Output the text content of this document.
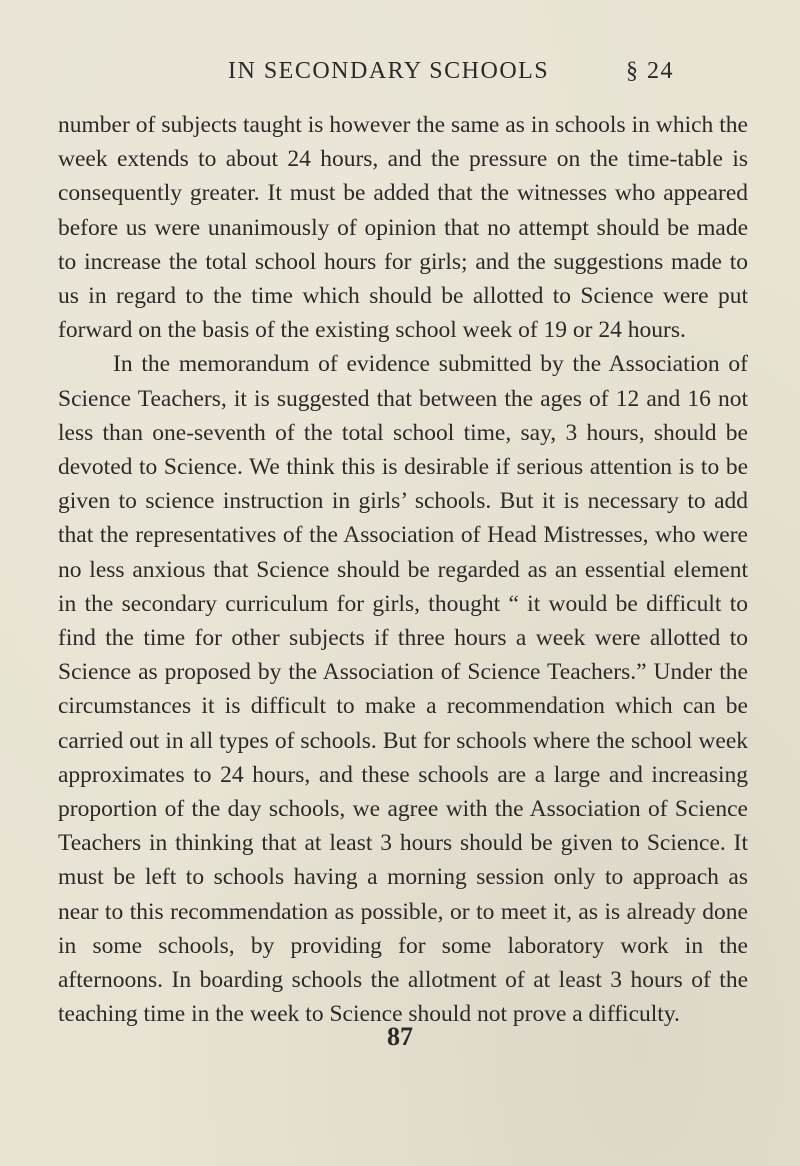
IN SECONDARY SCHOOLS	§ 24

number of subjects taught is however the same as in schools in which the week extends to about 24 hours, and the pressure on the time-table is consequently greater. It must be added that the witnesses who appeared before us were unanimously of opinion that no attempt should be made to increase the total school hours for girls; and the suggestions made to us in regard to the time which should be allotted to Science were put forward on the basis of the existing school week of 19 or 24 hours.

In the memorandum of evidence submitted by the Association of Science Teachers, it is suggested that between the ages of 12 and 16 not less than one-seventh of the total school time, say, 3 hours, should be devoted to Science. We think this is desirable if serious attention is to be given to science instruction in girls’ schools. But it is necessary to add that the representatives of the Association of Head Mistresses, who were no less anxious that Science should be regarded as an essential element in the secondary curriculum for girls, thought “ it would be difficult to find the time for other subjects if three hours a week were allotted to Science as proposed by the Association of Science Teachers.” Under the circumstances it is difficult to make a recommendation which can be carried out in all types of schools. But for schools where the school week approximates to 24 hours, and these schools are a large and increasing proportion of the day schools, we agree with the Association of Science Teachers in thinking that at least 3 hours should be given to Science. It must be left to schools having a morning session only to approach as near to this recommendation as possible, or to meet it, as is already done in some schools, by providing for some laboratory work in the afternoons. In boarding schools the allotment of at least 3 hours of the teaching time in the week to Science should not prove a difficulty.

87
